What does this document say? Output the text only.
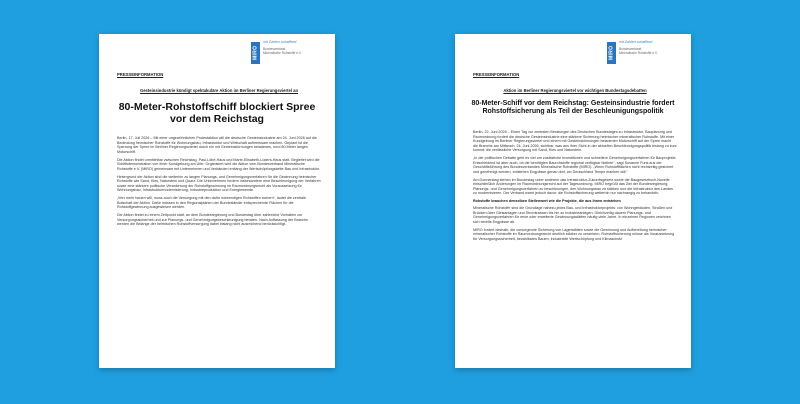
MIRO
mit Zahlen schaffend
Bundesverband
Mineralische Rohstoffe e.V.
PRESSEINFORMATION
Gesteinsindustrie kündigt spektakuläre Aktion im Berliner Regierungsviertel an
80-Meter-Rohstoffschiff blockiert Spree vor dem Reichstag

Berlin, 17. Juli 2026 – Mit einer ungewöhnlichen Protestaktion will die deutsche Gesteinsindustrie am 24. Juni 2026 auf die Bedeutung heimischer Rohstoffe für Wohnungsbau, Infrastruktur und Wirtschaft aufmerksam machen. Geplant ist die Sperrung der Spree im Berliner Regierungsviertel durch ein mit Gesteinskörnungen beladenes, rund 80 Meter langes Motorschiff.

Die Aktion findet unmittelbar zwischen Reichstag, Paul-Löbe-Haus und Marie-Elisabeth-Lüders-Haus statt. Begleitet wird die Schiffsdemonstration von einer Kundgebung am Ufer. Organisiert wird die Aktion vom Bundesverband Mineralische Rohstoffe e.V. (MIRO) gemeinsam mit Unternehmen und Verbänden entlang der Wertschöpfungskette Bau und Infrastruktur.

Hintergrund der Aktion sind die weiterhin zu langen Planungs- und Genehmigungsverfahren für die Gewinnung heimischer Rohstoffe wie Sand, Kies, Naturstein und Quarz. Die Unternehmen fordern insbesondere eine Beschleunigung der Verfahren sowie eine stärkere politische Verankerung der Rohstoffgewinnung im Raumordnungsrecht als Voraussetzung für Wohnungsbau, Infrastrukturmodernisierung, Industrieproduktion und Energiewende.

„Wer mehr bauen will, muss auch die Versorgung mit den dafür notwendigen Rohstoffen sichern“, lautet die zentrale Botschaft der Aktion. Dafür müssen in den Regionalplänen der Bundesländer entsprechende Flächen für die Rohstoffgewinnung ausgewiesen werden.

Die Aktion findet zu einem Zeitpunkt statt, an dem Bundesregierung und Bundestag über zahlreiche Vorhaben zur Versorgungssicherheit und zur Planungs- und Genehmigungsbeschleunigung beraten. Nach Auffassung der Branche werden die Belange der heimischen Rohstoffversorgung dabei bislang nicht ausreichend berücksichtigt.

MIRO
mit Zahlen schaffend
Bundesverband
Mineralische Rohstoffe e.V.
PRESSEINFORMATION
Aktion im Berliner Regierungsviertel vor wichtigen Bundestagsdebatten
80-Meter-Schiff vor dem Reichstag: Gesteinsindustrie fordert Rohstoffsicherung als Teil der Beschleunigungspolitik

Berlin, 22. Juni 2026 – Einen Tag vor zentralen Beratungen des Deutschen Bundestages zu Infrastruktur, Bauplanung und Raumordnung fordert die deutsche Gesteinsindustrie eine stärkere Sicherung heimischer mineralischer Rohstoffe. Mit einer Kundgebung im Berliner Regierungsviertel und einem mit Gesteinskörnungen beladenen Motorschiff auf der Spree macht die Branche am Mittwoch, 24. Juni 2026, sichtbar, was aus ihrer Sicht in der aktuellen Beschleunigungspolitik bislang zu kurz kommt: die verlässliche Versorgung mit Sand, Kies und Naturstein.

„In der politischen Debatte geht es viel um zusätzliche Investitionen und schnellere Genehmigungsverfahren für Bauprojekte. Entscheidend ist aber auch, ob die benötigten Baurohstoffe regional verfügbar bleiben“, sagt Susanne Funk aus der Geschäftsführung des Bundesverbandes Mineralische Rohstoffe (MIRO). „Wenn Rohstoffflächen nicht rechtzeitig gesichert und genehmigt werden, entstehen Engpässe genau dort, wo Deutschland Tempo machen will.“

Am Donnerstag stehen im Bundestag unter anderem das Infrastruktur-Zukunftsgesetz sowie die Baugesetzbuch-Novelle einschließlich Änderungen im Raumordnungsrecht auf der Tagesordnung. MIRO begrüßt das Ziel der Bundesregierung, Planungs- und Genehmigungsverfahren zu beschleunigen, den Wohnungsbau zu stärken und die Infrastruktur des Landes zu modernisieren. Der Verband warnt jedoch davor, die Rohstoffsicherung weiterhin nur nachrangig zu behandeln.

Rohstoffe brauchen denselben Stellenwert wie die Projekte, die aus ihnen entstehen

Mineralische Rohstoffe sind die Grundlage nahezu jedes Bau- und Infrastrukturprojekts: von Wohngebäuden, Straßen und Brücken über Gleisanlagen und Stromtrassen bis hin zu Industrieanlagen. Gleichzeitig dauern Planungs- und Genehmigungsverfahren für neue oder erweiterte Gewinnungsstätten häufig viele Jahre. In einzelnen Regionen zeichnen sich bereits Engpässe ab.

MIRO fordert deshalb, die vorsorgende Sicherung von Lagerstätten sowie die Gewinnung und Aufbereitung heimischer mineralischer Rohstoffe im Raumordnungsrecht deutlich stärker zu verankern. Rohstoffsicherung müsse als Voraussetzung für Versorgungssicherheit, bezahlbares Bauen, industrielle Wertschöpfung und Klimaschutz
